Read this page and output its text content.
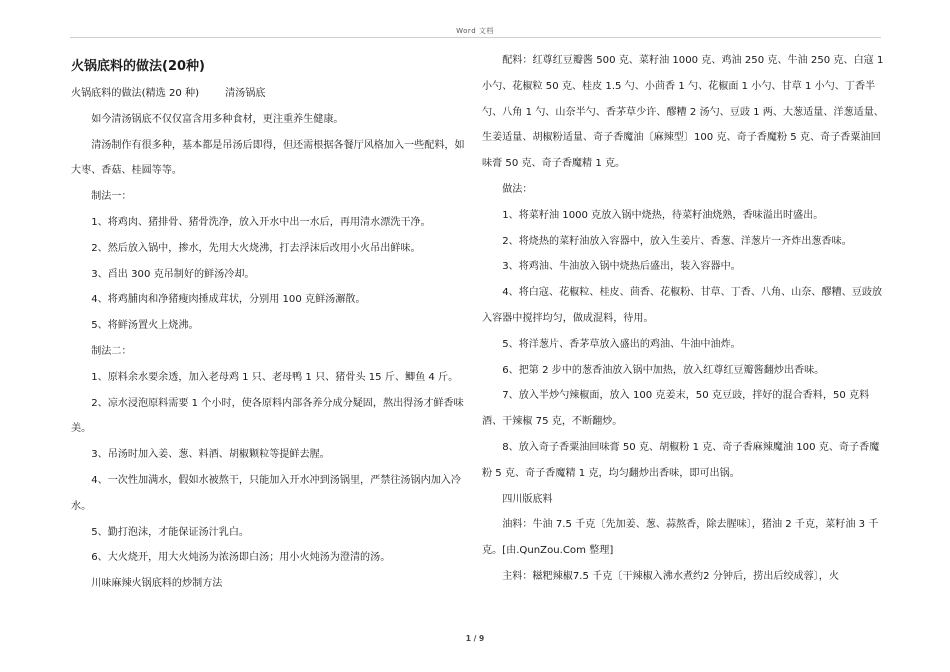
Word 文档

火锅底料的做法(20种)

火锅底料的做法(精选 20 种)	清汤锅底

如今清汤锅底不仅仅富含用多种食材，更注重养生健康。

清汤制作有很多种，基本都是吊汤后即得，但还需根据各餐厅风格加入一些配料，如大枣、香菇、桂圆等等。

制法一：

1、将鸡肉、猪排骨、猪骨洗净，放入开水中出一水后，再用清水漂洗干净。

2、然后放入锅中，掺水，先用大火烧沸，打去浮沫后改用小火吊出鲜味。

3、舀出 300 克吊制好的鲜汤冷却。

4、将鸡脯肉和净猪瘦肉捶成茸状，分别用 100 克鲜汤澥散。

5、将鲜汤置火上烧沸。

制法二：

1、原料余水要余透，加入老母鸡 1 只、老母鸭 1 只、猪骨头 15 斤、鲫鱼 4 斤。

2、凉水浸泡原料需要 1 个小时，使各原料内部各养分成分疑固，熬出得汤才鲜香味美。

3、吊汤时加入姜、葱、料酒、胡椒颗粒等提鲜去腥。

4、一次性加满水，假如水被熬干，只能加入开水冲到汤锅里，严禁往汤锅内加入冷水。

5、勤打泡沫，才能保证汤汁乳白。

6、大火烧开，用大火炖汤为浓汤即白汤；用小火炖汤为澄清的汤。

川味麻辣火锅底料的炒制方法

配料：红尊红豆瓣酱 500 克、菜籽油 1000 克、鸡油 250 克、牛油 250 克、白寇 1 小勺、花椒粒 50 克、桂皮 1.5 勺、小茴香 1 勺、花椒面 1 小勺、甘草 1 小勺、丁香半勺、八角 1 勺、山奈半勺、香茅草少许、醪糟 2 汤勺、豆豉 1 两、大葱适量、洋葱适量、生姜适量、胡椒粉适量、奇子香魔油〔麻辣型〕100 克、奇子香魔粉 5 克、奇子香粟油回味膏 50 克、奇子香魔精 1 克。

做法：

1、将菜籽油 1000 克放入锅中烧热，待菜籽油烧熟，香味溢出时盛出。

2、将烧热的菜籽油放入容器中，放入生姜片、香葱、洋葱片一齐炸出葱香味。

3、将鸡油、牛油放入锅中烧热后盛出，装入容器中。

4、将白寇、花椒粒、桂皮、茴香、花椒粉、甘草、丁香、八角、山奈、醪糟、豆豉放入容器中搅拌均匀，做成混料，待用。

5、将洋葱片、香茅草放入盛出的鸡油、牛油中油炸。

6、把第 2 步中的葱香油放入锅中加热，放入红尊红豆瓣酱翻炒出香味。

7、放入半炒勺辣椒面，放入 100 克姜末，50 克豆豉，拌好的混合香料，50 克料酒、干辣椒 75 克，不断翻炒。

8、放入奇子香粟油回味膏 50 克、胡椒粉 1 克、奇子香麻辣魔油 100 克、奇子香魔粉 5 克、奇子香魔精 1 克，均匀翻炒出香味，即可出锅。

四川版底料

油料：牛油 7.5 千克〔先加姜、葱、蒜熬香，除去腥味〕，猪油 2 千克，菜籽油 3 千克。[由.QunZou.Com 整理]

主料：糍粑辣椒7.5 千克〔干辣椒入沸水煮约2 分钟后，捞出后绞成蓉〕，火

1 / 9
